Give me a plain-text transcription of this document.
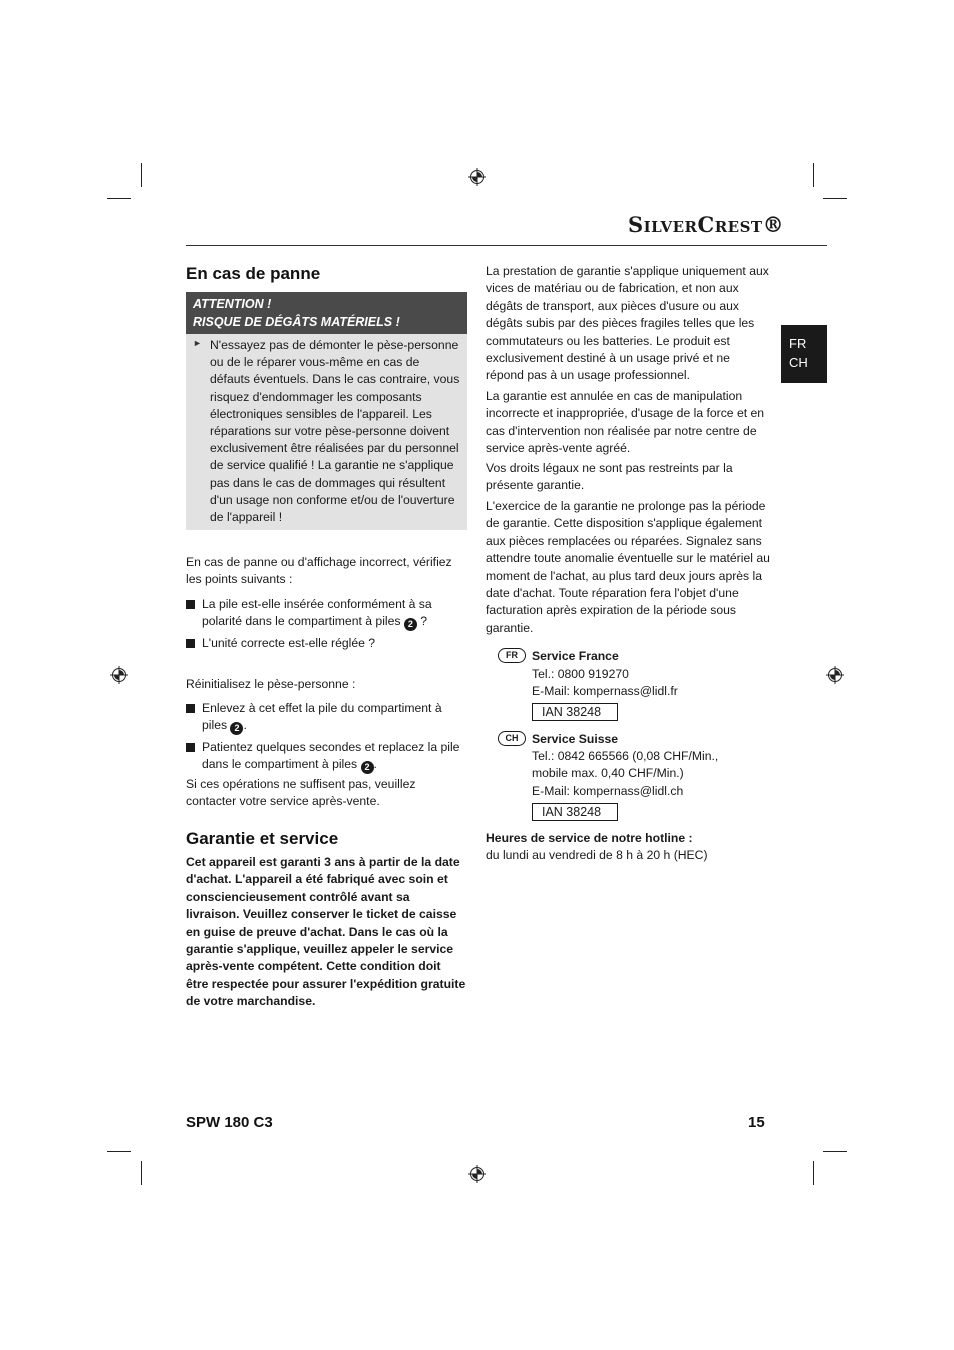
SilverCrest®
FR
CH
En cas de panne
ATTENTION !
RISQUE DE DÉGÂTS MATÉRIELS !
► N'essayez pas de démonter le pèse-personne ou de le réparer vous-même en cas de défauts éventuels. Dans le cas contraire, vous risquez d'endommager les composants électroniques sensibles de l'appareil. Les réparations sur votre pèse-personne doivent exclusivement être réalisées par du personnel de service qualifié ! La garantie ne s'applique pas dans le cas de dommages qui résultent d'un usage non conforme et/ou de l'ouverture de l'appareil !
En cas de panne ou d'affichage incorrect, vérifiez les points suivants :
La pile est-elle insérée conformément à sa polarité dans le compartiment à piles 2 ?
L'unité correcte est-elle réglée ?
Réinitialisez le pèse-personne :
Enlevez à cet effet la pile du compartiment à piles 2 .
Patientez quelques secondes et replacez la pile dans le compartiment à piles 2 .
Si ces opérations ne suffisent pas, veuillez contacter votre service après-vente.
Garantie et service
Cet appareil est garanti 3 ans à partir de la date d'achat. L'appareil a été fabriqué avec soin et consciencieusement contrôlé avant sa livraison. Veuillez conserver le ticket de caisse en guise de preuve d'achat. Dans le cas où la garantie s'applique, veuillez appeler le service après-vente compétent. Cette condition doit être respectée pour assurer l'expédition gratuite de votre marchandise.
La prestation de garantie s'applique uniquement aux vices de matériau ou de fabrication, et non aux dégâts de transport, aux pièces d'usure ou aux dégâts subis par des pièces fragiles telles que les commutateurs ou les batteries. Le produit est exclusivement destiné à un usage privé et ne répond pas à un usage professionnel.
La garantie est annulée en cas de manipulation incorrecte et inappropriée, d'usage de la force et en cas d'intervention non réalisée par notre centre de service après-vente agréé.
Vos droits légaux ne sont pas restreints par la présente garantie.
L'exercice de la garantie ne prolonge pas la période de garantie. Cette disposition s'applique également aux pièces remplacées ou réparées. Signalez sans attendre toute anomalie éventuelle sur le matériel au moment de l'achat, au plus tard deux jours après la date d'achat. Toute réparation fera l'objet d'une facturation après expiration de la période sous garantie.
FR	Service France
Tel.: 0800 919270
E-Mail: kompernass@lidl.fr
IAN 38248
CH	Service Suisse
Tel.: 0842 665566 (0,08 CHF/Min., mobile max. 0,40 CHF/Min.)
E-Mail: kompernass@lidl.ch
IAN 38248
Heures de service de notre hotline :
du lundi au vendredi de 8 h à 20 h (HEC)
SPW 180 C3	15
